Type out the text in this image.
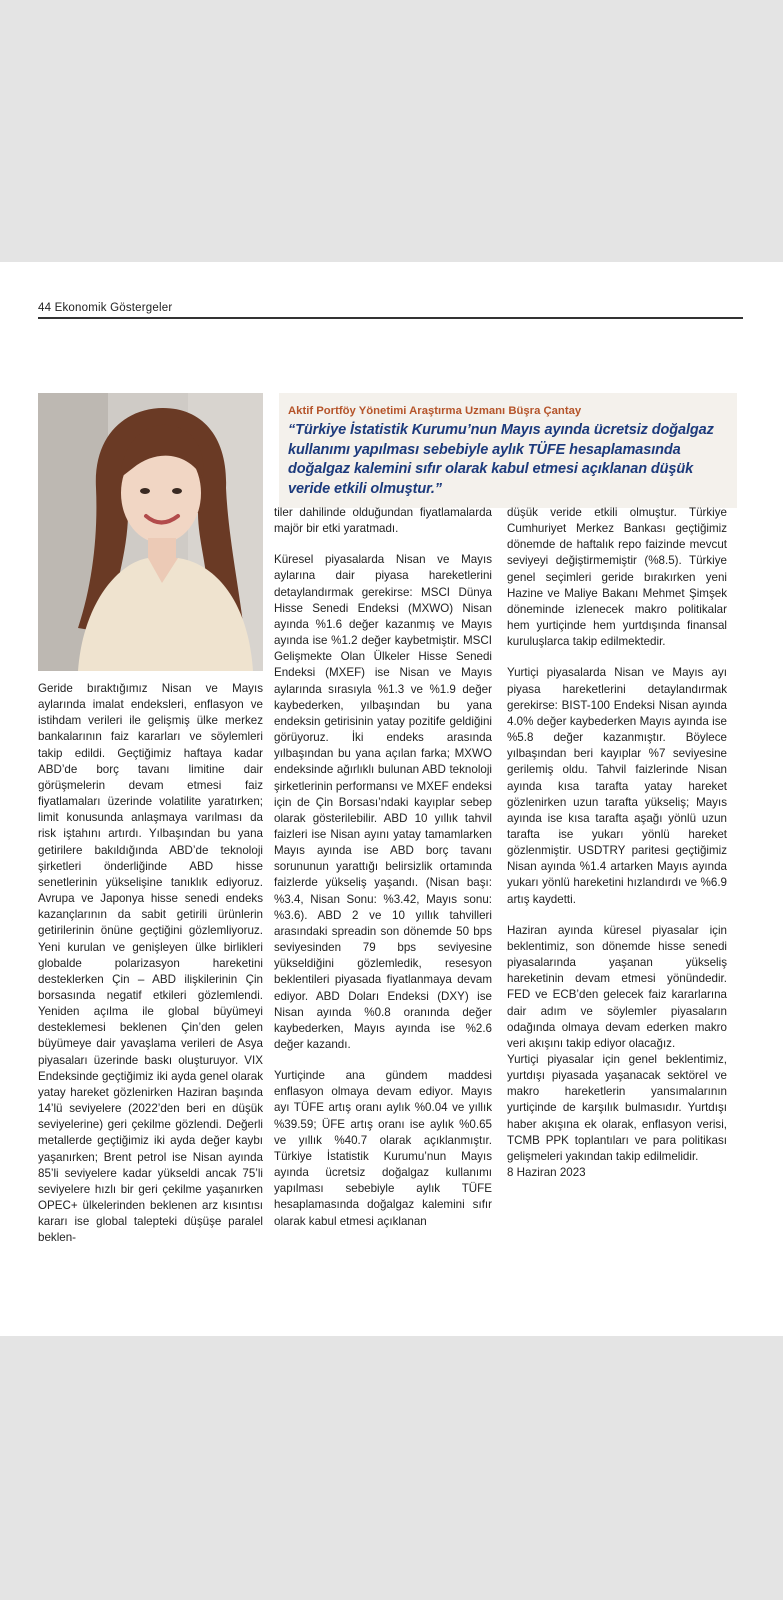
44 Ekonomik Göstergeler
Aktif Portföy Yönetimi Araştırma Uzmanı Büşra Çantay
“Türkiye İstatistik Kurumu’nun Mayıs ayında ücretsiz doğalgaz kullanımı yapılması sebebiyle aylık TÜFE hesaplamasında doğalgaz kalemini sıfır olarak kabul etmesi açıklanan düşük veride etkili olmuştur.”

Geride bıraktığımız Nisan ve Mayıs aylarında imalat endeksleri, enflasyon ve istihdam verileri ile gelişmiş ülke merkez bankalarının faiz kararları ve söylemleri takip edildi. Geçtiğimiz haftaya kadar ABD’de borç tavanı limitine dair görüşmelerin devam etmesi faiz fiyatlamaları üzerinde volatilite yaratırken; limit konusunda anlaşmaya varılması da risk iştahını artırdı. Yılbaşından bu yana getirilere bakıldığında ABD’de teknoloji şirketleri önderliğinde ABD hisse senetlerinin yükselişine tanıklık ediyoruz. Avrupa ve Japonya hisse senedi endeks kazançlarının da sabit getirili ürünlerin getirilerinin önüne geçtiğini gözlemliyoruz. Yeni kurulan ve genişleyen ülke birlikleri globalde polarizasyon hareketini desteklerken Çin – ABD ilişkilerinin Çin borsasında negatif etkileri gözlemlendi. Yeniden açılma ile global büyümeyi desteklemesi beklenen Çin’den gelen büyümeye dair yavaşlama verileri de Asya piyasaları üzerinde baskı oluşturuyor. VIX Endeksinde geçtiğimiz iki ayda genel olarak yatay hareket gözlenirken Haziran başında 14’lü seviyelere (2022’den beri en düşük seviyelerine) geri çekilme gözlendi. Değerli metallerde geçtiğimiz iki ayda değer kaybı yaşanırken; Brent petrol ise Nisan ayında 85’li seviyelere kadar yükseldi ancak 75’li seviyelere hızlı bir geri çekilme yaşanırken OPEC+ ülkelerinden beklenen arz kısıntısı kararı ise global talepteki düşüşe paralel beklen-

tiler dahilinde olduğundan fiyatlamalarda majör bir etki yaratmadı.

Küresel piyasalarda Nisan ve Mayıs aylarına dair piyasa hareketlerini detaylandırmak gerekirse: MSCI Dünya Hisse Senedi Endeksi (MXWO) Nisan ayında %1.6 değer kazanmış ve Mayıs ayında ise %1.2 değer kaybetmiştir. MSCI Gelişmekte Olan Ülkeler Hisse Senedi Endeksi (MXEF) ise Nisan ve Mayıs aylarında sırasıyla %1.3 ve %1.9 değer kaybederken, yılbaşından bu yana endeksin getirisinin yatay pozitife geldiğini görüyoruz. İki endeks arasında yılbaşından bu yana açılan farka; MXWO endeksinde ağırlıklı bulunan ABD teknoloji şirketlerinin performansı ve MXEF endeksi için de Çin Borsası’ndaki kayıplar sebep olarak gösterilebilir. ABD 10 yıllık tahvil faizleri ise Nisan ayını yatay tamamlarken Mayıs ayında ise ABD borç tavanı sorununun yarattığı belirsizlik ortamında faizlerde yükseliş yaşandı. (Nisan başı: %3.4, Nisan Sonu: %3.42, Mayıs sonu: %3.6). ABD 2 ve 10 yıllık tahvilleri arasındaki spreadin son dönemde 50 bps seviyesinden 79 bps seviyesine yükseldiğini gözlemledik, resesyon beklentileri piyasada fiyatlanmaya devam ediyor. ABD Doları Endeksi (DXY) ise Nisan ayında %0.8 oranında değer kaybederken, Mayıs ayında ise %2.6 değer kazandı.

Yurtiçinde ana gündem maddesi enflasyon olmaya devam ediyor. Mayıs ayı TÜFE artış oranı aylık %0.04 ve yıllık %39.59; ÜFE artış oranı ise aylık %0.65 ve yıllık %40.7 olarak açıklanmıştır. Türkiye İstatistik Kurumu’nun Mayıs ayında ücretsiz doğalgaz kullanımı yapılması sebebiyle aylık TÜFE hesaplamasında doğalgaz kalemini sıfır olarak kabul etmesi açıklanan

düşük veride etkili olmuştur. Türkiye Cumhuriyet Merkez Bankası geçtiğimiz dönemde de haftalık repo faizinde mevcut seviyeyi değiştirmemiştir (%8.5). Türkiye genel seçimleri geride bırakırken yeni Hazine ve Maliye Bakanı Mehmet Şimşek döneminde izlenecek makro politikalar hem yurtiçinde hem yurtdışında finansal kuruluşlarca takip edilmektedir.

Yurtiçi piyasalarda Nisan ve Mayıs ayı piyasa hareketlerini detaylandırmak gerekirse: BIST-100 Endeksi Nisan ayında 4.0% değer kaybederken Mayıs ayında ise %5.8 değer kazanmıştır. Böylece yılbaşından beri kayıplar %7 seviyesine gerilemiş oldu. Tahvil faizlerinde Nisan ayında kısa tarafta yatay hareket gözlenirken uzun tarafta yükseliş; Mayıs ayında ise kısa tarafta aşağı yönlü uzun tarafta ise yukarı yönlü hareket gözlenmiştir. USDTRY paritesi geçtiğimiz Nisan ayında %1.4 artarken Mayıs ayında yukarı yönlü hareketini hızlandırdı ve %6.9 artış kaydetti.

Haziran ayında küresel piyasalar için beklentimiz, son dönemde hisse senedi piyasalarında yaşanan yükseliş hareketinin devam etmesi yönündedir. FED ve ECB’den gelecek faiz kararlarına dair adım ve söylemler piyasaların odağında olmaya devam ederken makro veri akışını takip ediyor olacağız.

Yurtiçi piyasalar için genel beklentimiz, yurtdışı piyasada yaşanacak sektörel ve makro hareketlerin yansımalarının yurtiçinde de karşılık bulmasıdır. Yurtdışı haber akışına ek olarak, enflasyon verisi, TCMB PPK toplantıları ve para politikası gelişmeleri yakından takip edilmelidir.

8 Haziran 2023
